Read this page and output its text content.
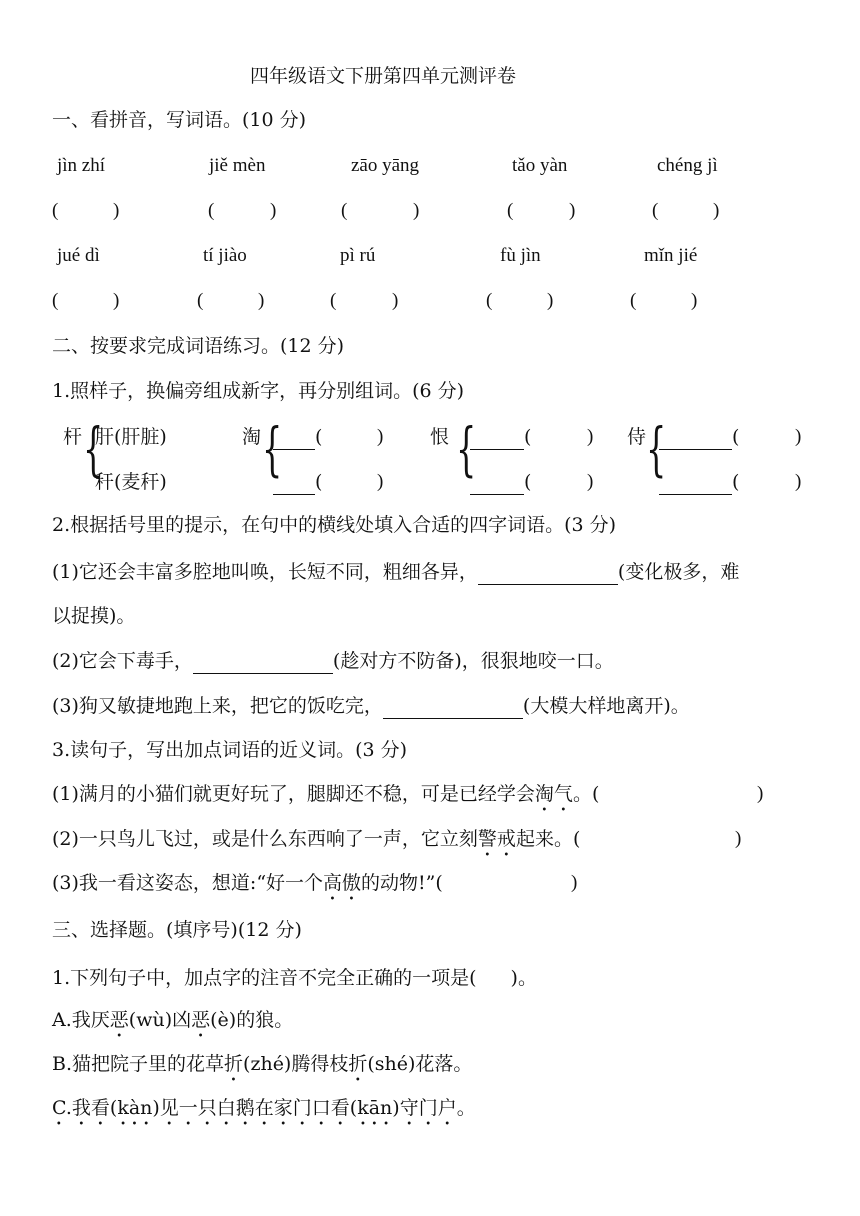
四年级语文下册第四单元测评卷
一、看拼音，写词语。(10 分)
jìn zhí	jiě mèn	zāo yāng	tǎo yàn	chéng jì
(	)	(	)	(	)	(	)	(	)
jué dì	tí jiào	pì rú	fù jìn	mǐn jié
(	)	(	)	(	)	(	)	(	)
二、按要求完成词语练习。(12 分)
1.照样子，换偏旁组成新字，再分别组词。(6 分)
杆 {
肝(肝脏)
秆(麦秆)
淘 {	(	)
(	)
恨 {	(	)
(	)
侍 {	(	)
(	)
2.根据括号里的提示，在句中的横线处填入合适的四字词语。(3 分)
(1)它还会丰富多腔地叫唤，长短不同，粗细各异，	(变化极多，难
以捉摸)。
(2)它会下毒手，	(趁对方不防备)，很狠地咬一口。
(3)狗又敏捷地跑上来，把它的饭吃完，	(大模大样地离开)。
3.读句子，写出加点词语的近义词。(3 分)
(1)满月的小猫们就更好玩了，腿脚还不稳，可是已经学会淘气。(	)
(2)一只鸟儿飞过，或是什么东西响了一声，它立刻警戒起来。(	)
(3)我一看这姿态，想道:“好一个高傲的动物!”(	)
三、选择题。(填序号)(12 分)
1.下列句子中，加点字的注音不完全正确的一项是( )。
A.我厌恶(wù)凶恶(è)的狼。
B.猫把院子里的花草折(zhé)腾得枝折(shé)花落。
C.我看(kàn)见一只白鹅在家门口看(kān)守门户。
